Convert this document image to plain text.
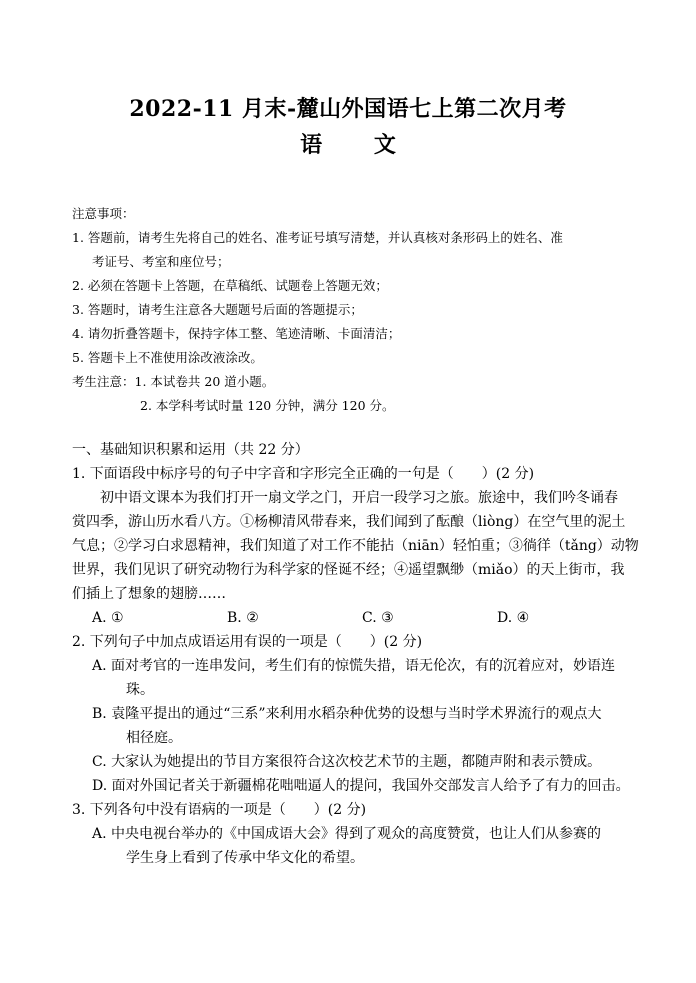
2022-11 月末-麓山外国语七上第二次月考
语 文
注意事项：
1. 答题前，请考生先将自己的姓名、准考证号填写清楚，并认真核对条形码上的姓名、准
考证号、考室和座位号；
2. 必须在答题卡上答题，在草稿纸、试题卷上答题无效；
3. 答题时，请考生注意各大题题号后面的答题提示；
4. 请勿折叠答题卡，保持字体工整、笔迹清晰、卡面清洁；
5. 答题卡上不准使用涂改液涂改。
考生注意：1. 本试卷共 20 道小题。
2. 本学科考试时量 120 分钟，满分 120 分。
一、基础知识积累和运用（共 22 分）
1. 下面语段中标序号的句子中字音和字形完全正确的一句是（　　）(2 分)
初中语文课本为我们打开一扇文学之门，开启一段学习之旅。旅途中，我们吟冬诵春
赏四季，游山历水看八方。①杨柳清风带春来，我们闻到了酝酿（liòng）在空气里的泥土
气息；②学习白求恩精神，我们知道了对工作不能拈（niān）轻怕重；③徜徉（tǎng）动物
世界，我们见识了研究动物行为科学家的怪诞不经；④遥望飘缈（miǎo）的天上街市，我
们插上了想象的翅膀……
A. ①	B. ②	C. ③	D. ④
2. 下列句子中加点成语运用有误的一项是（　　）(2 分)
A. 面对考官的一连串发问，考生们有的惊慌失措，语无伦次，有的沉着应对，妙语连
珠。
B. 袁隆平提出的通过“三系”来利用水稻杂种优势的设想与当时学术界流行的观点大
相径庭。
C. 大家认为她提出的节目方案很符合这次校艺术节的主题，都随声附和表示赞成。
D. 面对外国记者关于新疆棉花咄咄逼人的提问，我国外交部发言人给予了有力的回击。
3. 下列各句中没有语病的一项是（　　）(2 分)
A. 中央电视台举办的《中国成语大会》得到了观众的高度赞赏，也让人们从参赛的
学生身上看到了传承中华文化的希望。
